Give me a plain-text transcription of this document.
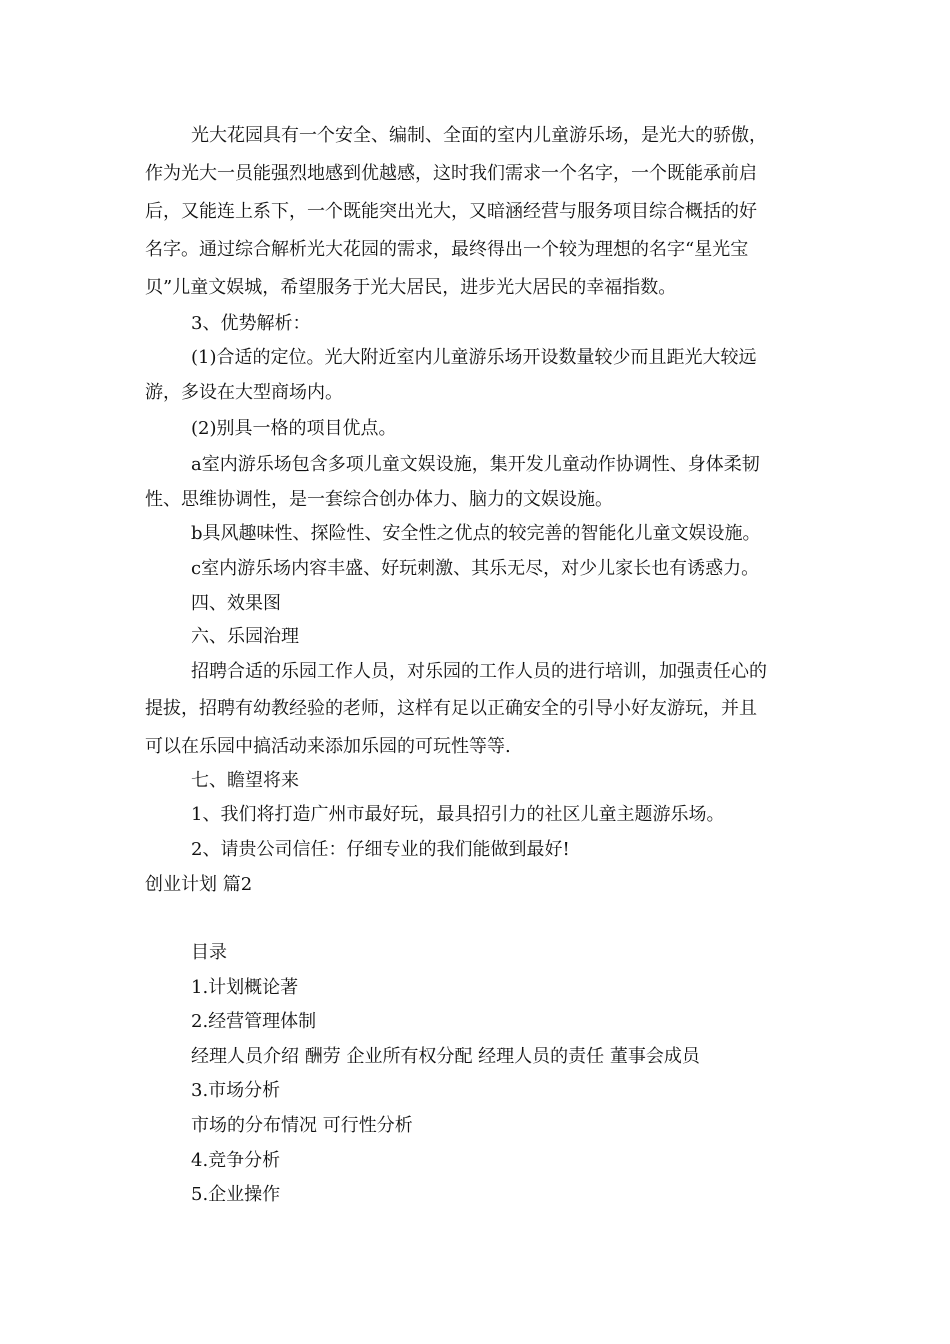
光大花园具有一个安全、编制、全面的室内儿童游乐场，是光大的骄傲，
作为光大一员能强烈地感到优越感，这时我们需求一个名字，一个既能承前启
后，又能连上系下，一个既能突出光大，又暗涵经营与服务项目综合概括的好
名字。通过综合解析光大花园的需求，最终得出一个较为理想的名字“星光宝
贝”儿童文娱城，希望服务于光大居民，进步光大居民的幸福指数。
3、优势解析：
(1)合适的定位。光大附近室内儿童游乐场开设数量较少而且距光大较远
游，多设在大型商场内。
(2)别具一格的项目优点。
a室内游乐场包含多项儿童文娱设施，集开发儿童动作协调性、身体柔韧
性、思维协调性，是一套综合创办体力、脑力的文娱设施。
b具风趣味性、探险性、安全性之优点的较完善的智能化儿童文娱设施。
c室内游乐场内容丰盛、好玩刺激、其乐无尽，对少儿家长也有诱惑力。
四、效果图
六、乐园治理
招聘合适的乐园工作人员，对乐园的工作人员的进行培训，加强责任心的
提拔，招聘有幼教经验的老师，这样有足以正确安全的引导小好友游玩，并且
可以在乐园中搞活动来添加乐园的可玩性等等.
七、瞻望将来
1、我们将打造广州市最好玩，最具招引力的社区儿童主题游乐场。
2、请贵公司信任：仔细专业的我们能做到最好!
创业计划 篇2
目录
1.计划概论著
2.经营管理体制
经理人员介绍 酬劳 企业所有权分配 经理人员的责任 董事会成员
3.市场分析
市场的分布情况 可行性分析
4.竞争分析
5.企业操作
